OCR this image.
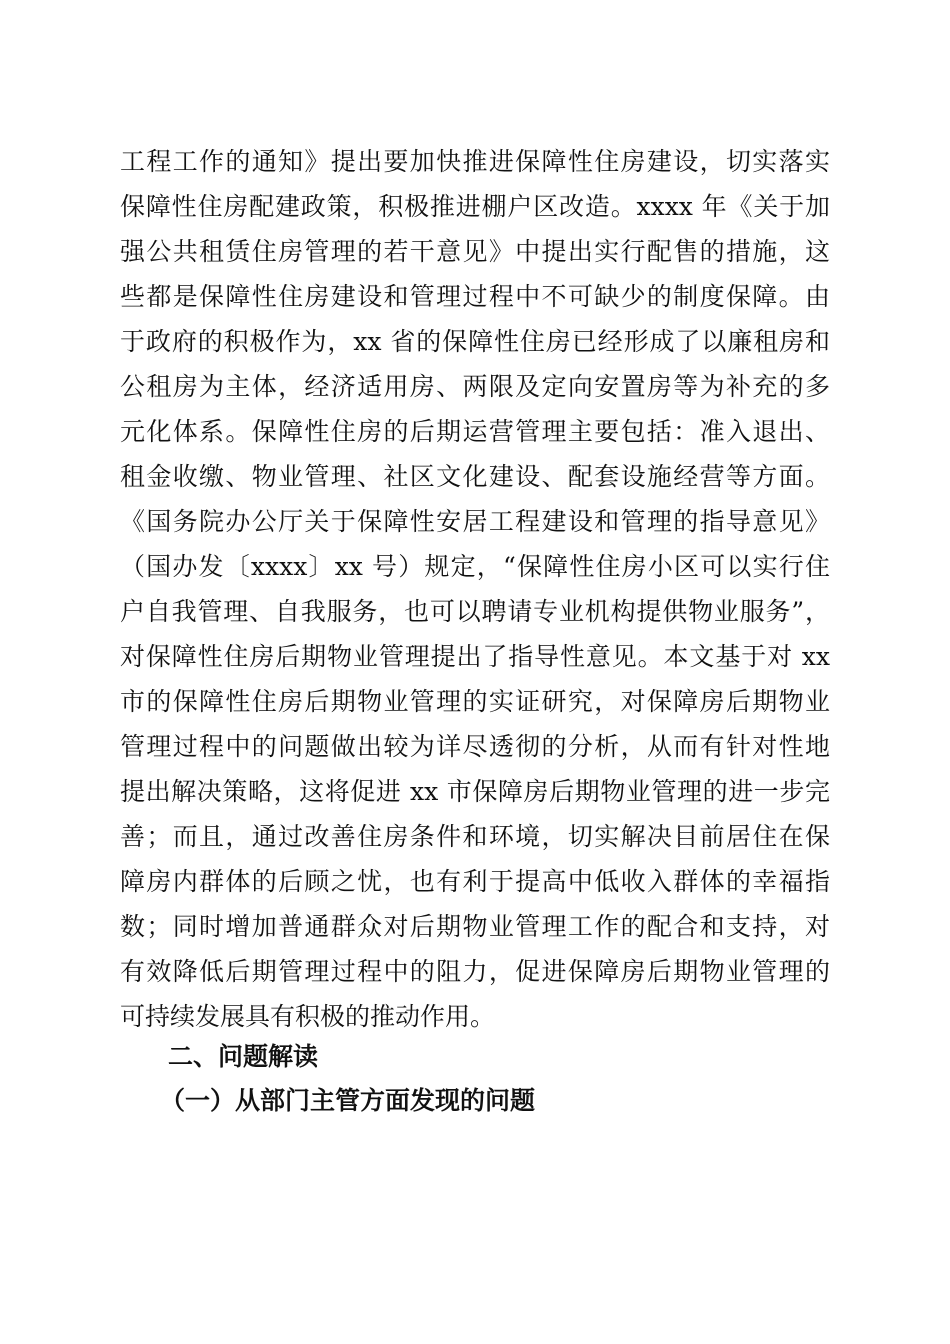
工程工作的通知》提出要加快推进保障性住房建设，切实落实
保障性住房配建政策，积极推进棚户区改造。xxxx 年《关于加
强公共租赁住房管理的若干意见》中提出实行配售的措施，这
些都是保障性住房建设和管理过程中不可缺少的制度保障。由
于政府的积极作为，xx 省的保障性住房已经形成了以廉租房和
公租房为主体，经济适用房、两限及定向安置房等为补充的多
元化体系。保障性住房的后期运营管理主要包括：准入退出、
租金收缴、物业管理、社区文化建设、配套设施经营等方面。
《国务院办公厅关于保障性安居工程建设和管理的指导意见》
（国办发〔xxxx〕xx 号）规定，“保障性住房小区可以实行住
户自我管理、自我服务，也可以聘请专业机构提供物业服务”，
对保障性住房后期物业管理提出了指导性意见。本文基于对 xx
市的保障性住房后期物业管理的实证研究，对保障房后期物业
管理过程中的问题做出较为详尽透彻的分析，从而有针对性地
提出解决策略，这将促进 xx 市保障房后期物业管理的进一步完
善；而且，通过改善住房条件和环境，切实解决目前居住在保
障房内群体的后顾之忧，也有利于提高中低收入群体的幸福指
数；同时增加普通群众对后期物业管理工作的配合和支持，对
有效降低后期管理过程中的阻力，促进保障房后期物业管理的
可持续发展具有积极的推动作用。
二、问题解读
（一）从部门主管方面发现的问题
